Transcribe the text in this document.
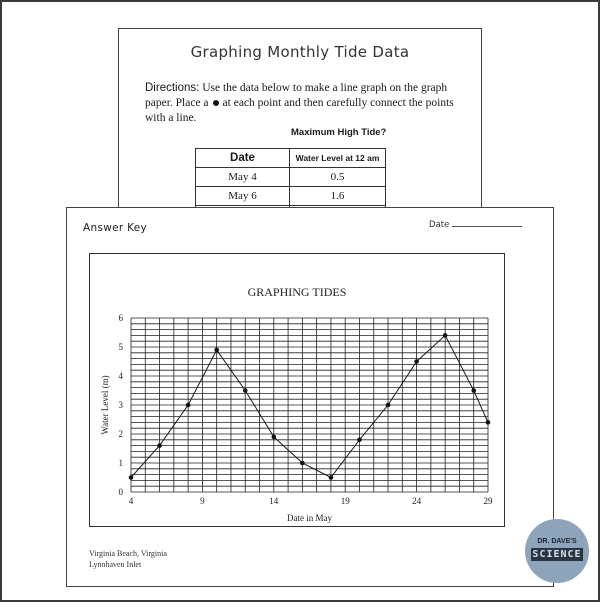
Graphing Monthly Tide Data
Directions: Use the data below to make a line graph on the graph paper. Place a at each point and then carefully connect the points with a line.
Maximum High Tide?
Date	Water Level at 12 am
May 4	0.5
May 6	1.6

Answer Key	Date
GRAPHING TIDES
0
1
2
3
4
5
6
4	9	14	19	24	29
Water Level (m)
Date in May
Virginia Beach, Virginia
Lynnhaven Inlet
DR. DAVE'S
SCIENCE
